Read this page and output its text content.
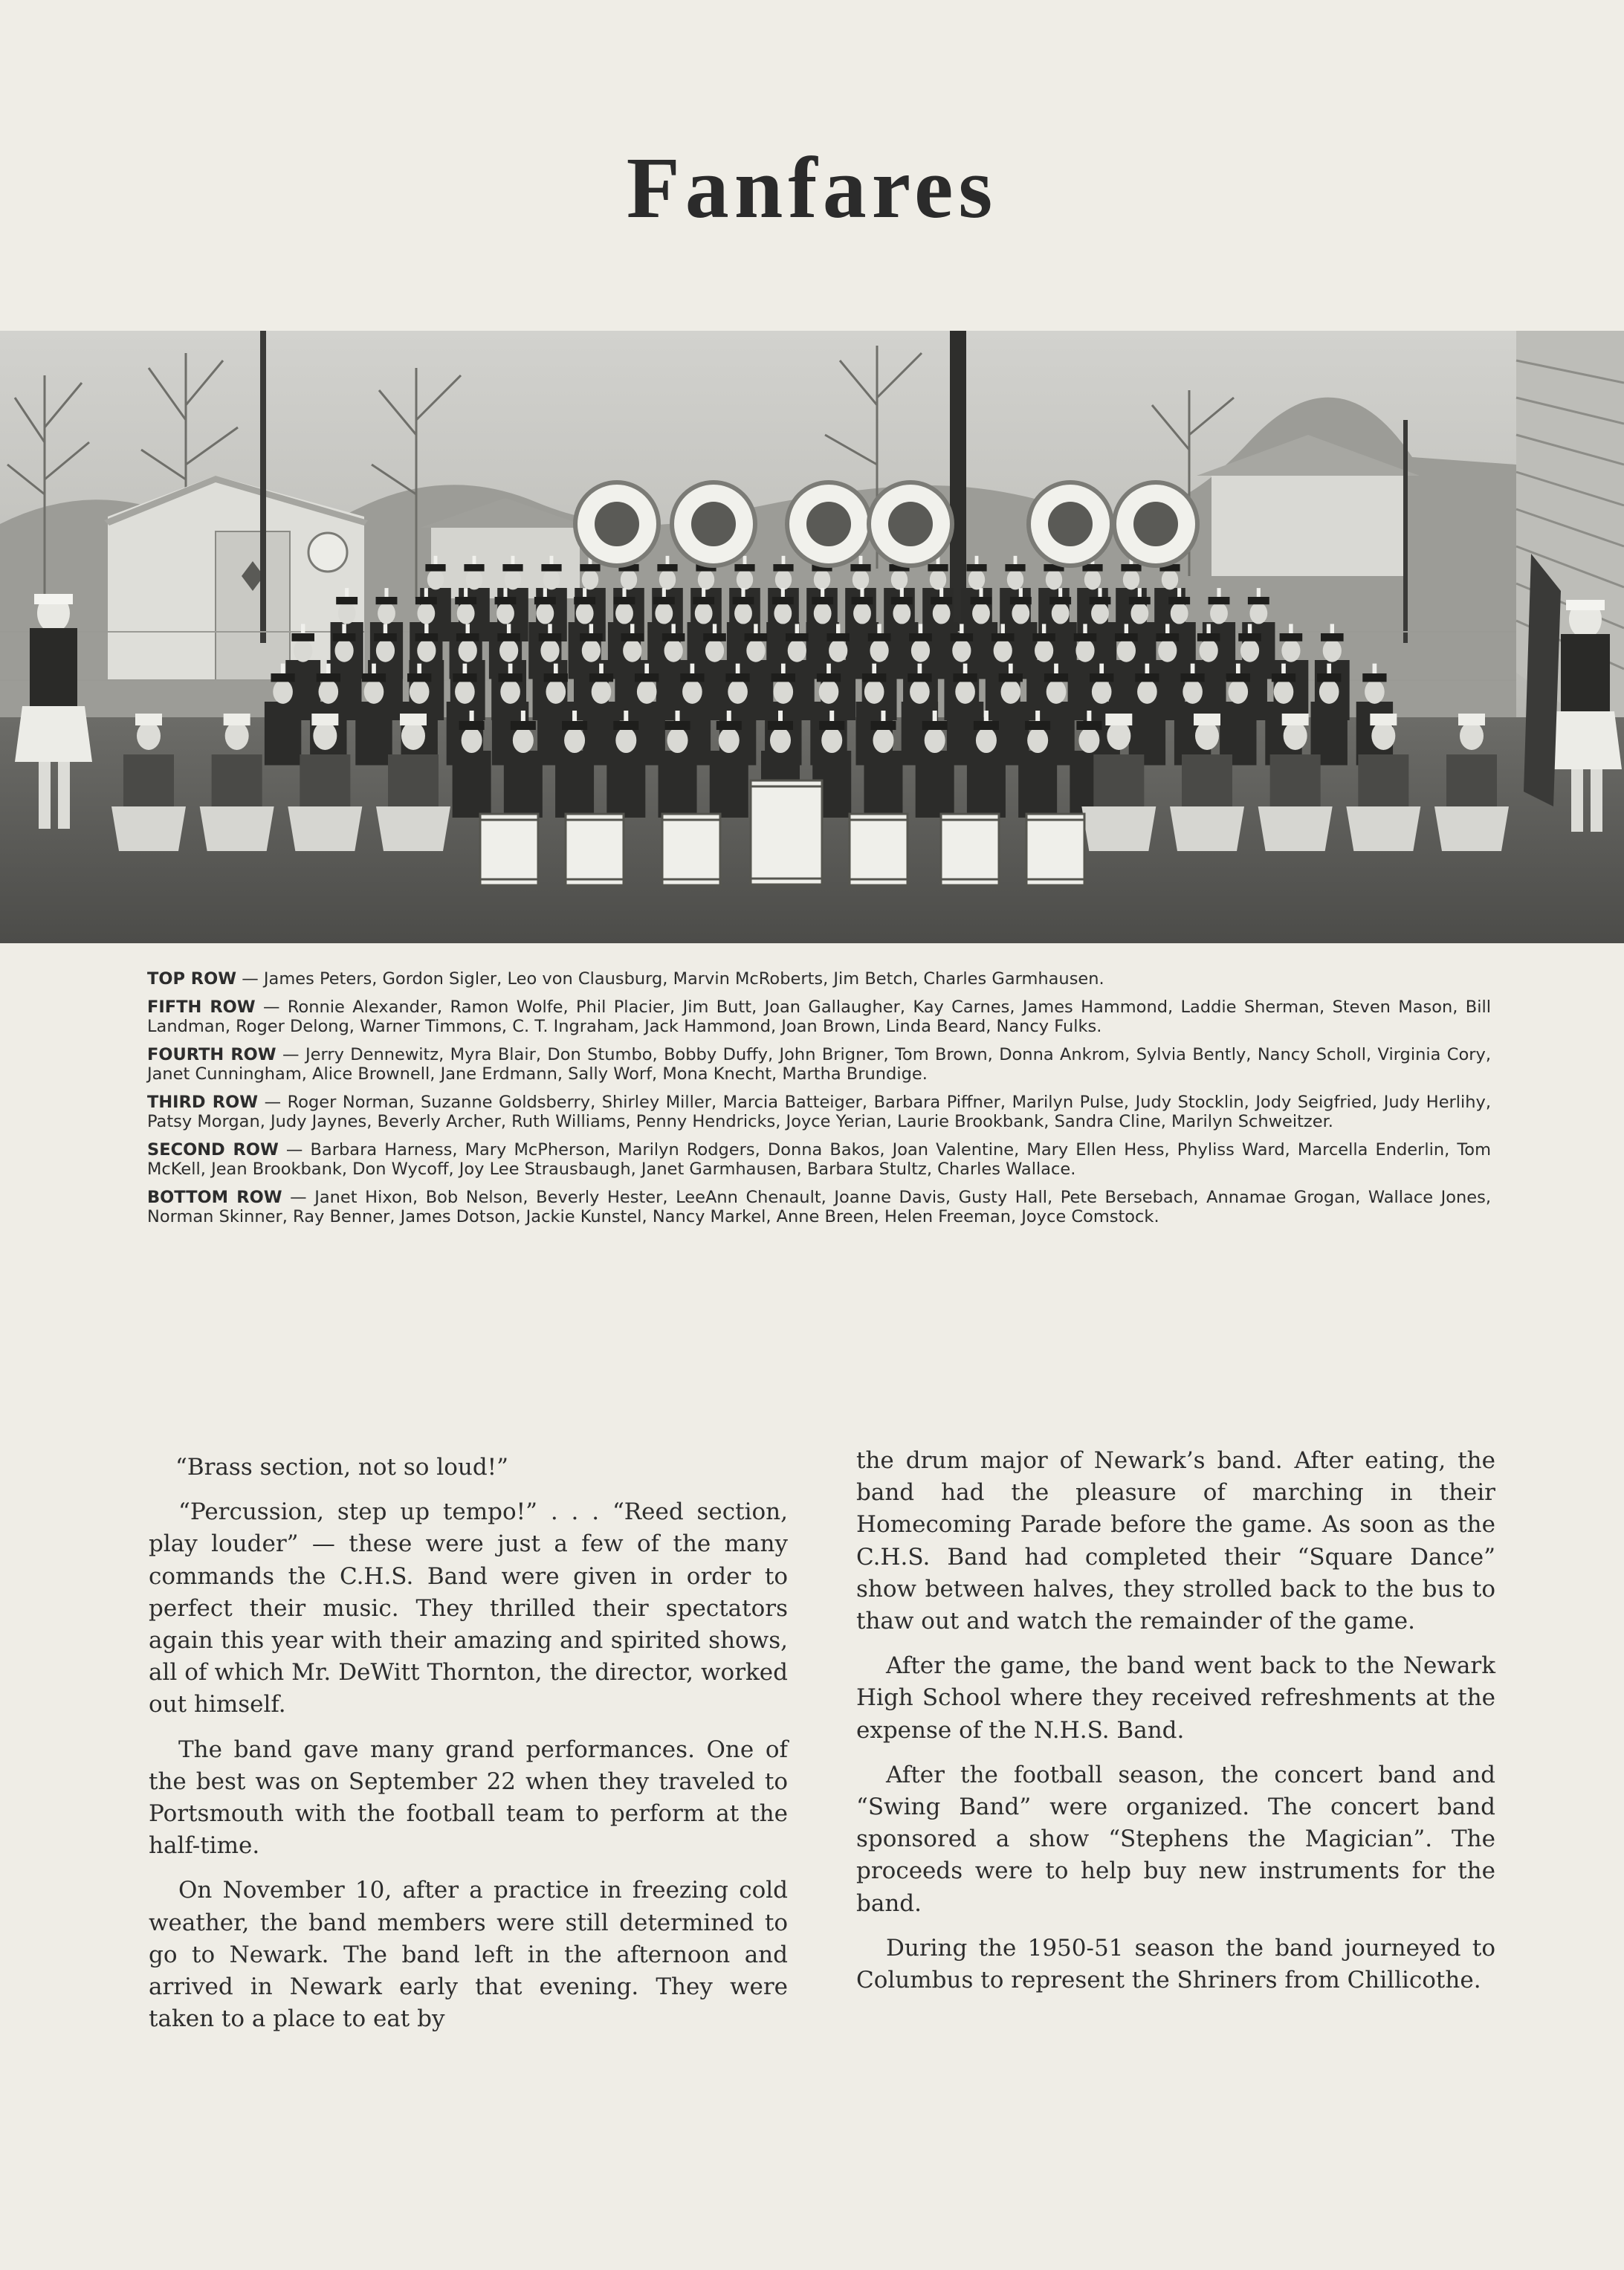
Fanfares
TOP ROW — James Peters, Gordon Sigler, Leo von Clausburg, Marvin McRoberts, Jim Betch, Charles Garmhausen.
FIFTH ROW — Ronnie Alexander, Ramon Wolfe, Phil Placier, Jim Butt, Joan Gallaugher, Kay Carnes, James Hammond, Laddie Sherman, Steven Mason, Bill Landman, Roger Delong, Warner Timmons, C. T. Ingraham, Jack Hammond, Joan Brown, Linda Beard, Nancy Fulks.
FOURTH ROW — Jerry Dennewitz, Myra Blair, Don Stumbo, Bobby Duffy, John Brigner, Tom Brown, Donna Ankrom, Sylvia Bently, Nancy Scholl, Virginia Cory, Janet Cunningham, Alice Brownell, Jane Erdmann, Sally Worf, Mona Knecht, Martha Brundige.
THIRD ROW — Roger Norman, Suzanne Goldsberry, Shirley Miller, Marcia Batteiger, Barbara Piffner, Marilyn Pulse, Judy Stocklin, Jody Seigfried, Judy Herlihy, Patsy Morgan, Judy Jaynes, Beverly Archer, Ruth Williams, Penny Hendricks, Joyce Yerian, Laurie Brookbank, Sandra Cline, Marilyn Schweitzer.
SECOND ROW — Barbara Harness, Mary McPherson, Marilyn Rodgers, Donna Bakos, Joan Valentine, Mary Ellen Hess, Phyliss Ward, Marcella Enderlin, Tom McKell, Jean Brookbank, Don Wycoff, Joy Lee Strausbaugh, Janet Garmhausen, Barbara Stultz, Charles Wallace.
BOTTOM ROW — Janet Hixon, Bob Nelson, Beverly Hester, LeeAnn Chenault, Joanne Davis, Gusty Hall, Pete Bersebach, Annamae Grogan, Wallace Jones, Norman Skinner, Ray Benner, James Dotson, Jackie Kunstel, Nancy Markel, Anne Breen, Helen Freeman, Joyce Comstock.

“Brass section, not so loud!”

“Percussion, step up tempo!” . . . “Reed section, play louder” — these were just a few of the many commands the C.H.S. Band were given in order to perfect their music. They thrilled their spectators again this year with their amazing and spirited shows, all of which Mr. DeWitt Thornton, the director, worked out himself.

The band gave many grand performances. One of the best was on September 22 when they traveled to Portsmouth with the football team to perform at the half-time.

On November 10, after a practice in freezing cold weather, the band members were still determined to go to Newark. The band left in the afternoon and arrived in Newark early that evening. They were taken to a place to eat by

the drum major of Newark’s band. After eating, the band had the pleasure of marching in their Homecoming Parade before the game. As soon as the C.H.S. Band had completed their “Square Dance” show between halves, they strolled back to the bus to thaw out and watch the remainder of the game.

After the game, the band went back to the Newark High School where they received refreshments at the expense of the N.H.S. Band.

After the football season, the concert band and “Swing Band” were organized. The concert band sponsored a show “Stephens the Magician”. The proceeds were to help buy new instruments for the band.

During the 1950-51 season the band journeyed to Columbus to represent the Shriners from Chillicothe.
